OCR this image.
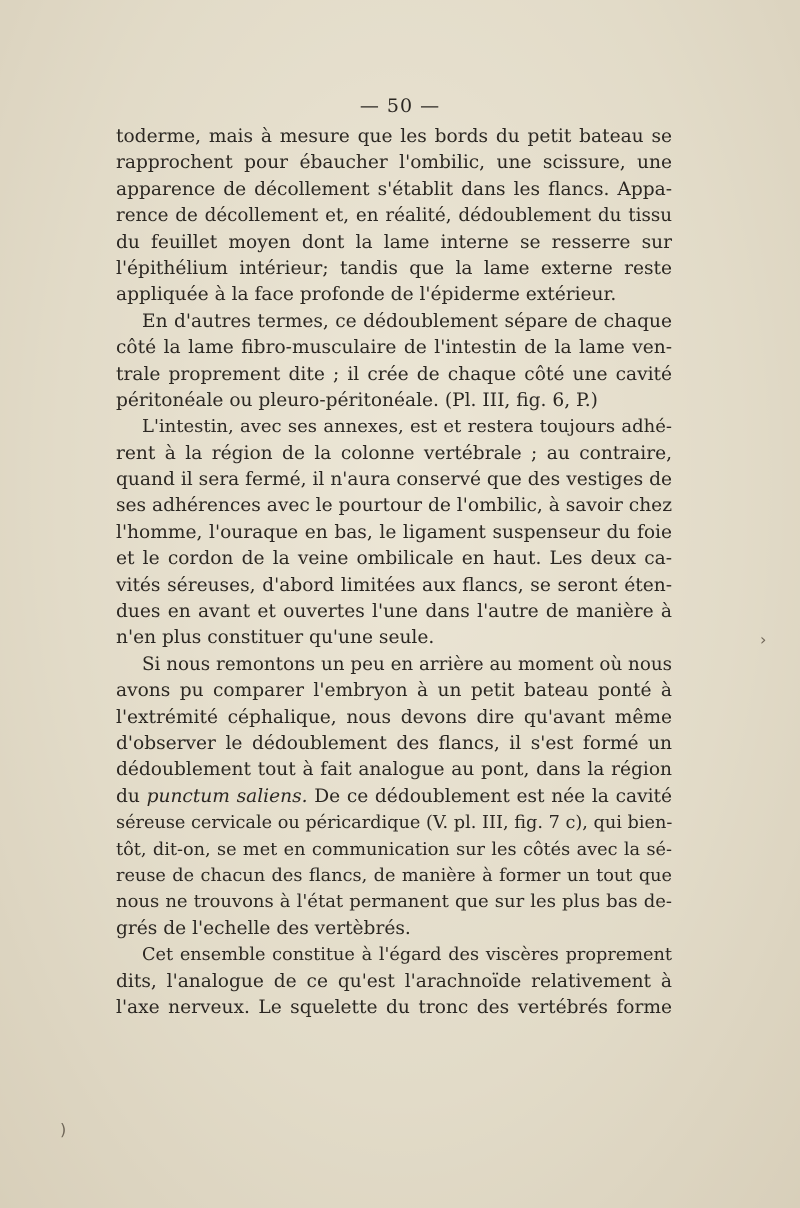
— 50 —
toderme, mais à mesure que les bords du petit bateau se
rapprochent pour ébaucher l'ombilic, une scissure, une
apparence de décollement s'établit dans les flancs. Appa-
rence de décollement et, en réalité, dédoublement du tissu
du feuillet moyen dont la lame interne se resserre sur
l'épithélium intérieur; tandis que la lame externe reste
appliquée à la face profonde de l'épiderme extérieur.
En d'autres termes, ce dédoublement sépare de chaque
côté la lame fibro-musculaire de l'intestin de la lame ven-
trale proprement dite ; il crée de chaque côté une cavité
péritonéale ou pleuro-péritonéale. (Pl. III, fig. 6, P.)
L'intestin, avec ses annexes, est et restera toujours adhé-
rent à la région de la colonne vertébrale ; au contraire,
quand il sera fermé, il n'aura conservé que des vestiges de
ses adhérences avec le pourtour de l'ombilic, à savoir chez
l'homme, l'ouraque en bas, le ligament suspenseur du foie
et le cordon de la veine ombilicale en haut. Les deux ca-
vités séreuses, d'abord limitées aux flancs, se seront éten-
dues en avant et ouvertes l'une dans l'autre de manière à
n'en plus constituer qu'une seule.
Si nous remontons un peu en arrière au moment où nous
avons pu comparer l'embryon à un petit bateau ponté à
l'extrémité céphalique, nous devons dire qu'avant même
d'observer le dédoublement des flancs, il s'est formé un
dédoublement tout à fait analogue au pont, dans la région
du punctum saliens. De ce dédoublement est née la cavité
séreuse cervicale ou péricardique (V. pl. III, fig. 7 c), qui bien-
tôt, dit-on, se met en communication sur les côtés avec la sé-
reuse de chacun des flancs, de manière à former un tout que
nous ne trouvons à l'état permanent que sur les plus bas de-
grés de l'echelle des vertèbrés.
Cet ensemble constitue à l'égard des viscères proprement
dits, l'analogue de ce qu'est l'arachnoïde relativement à
l'axe nerveux. Le squelette du tronc des vertébrés forme
›
)
